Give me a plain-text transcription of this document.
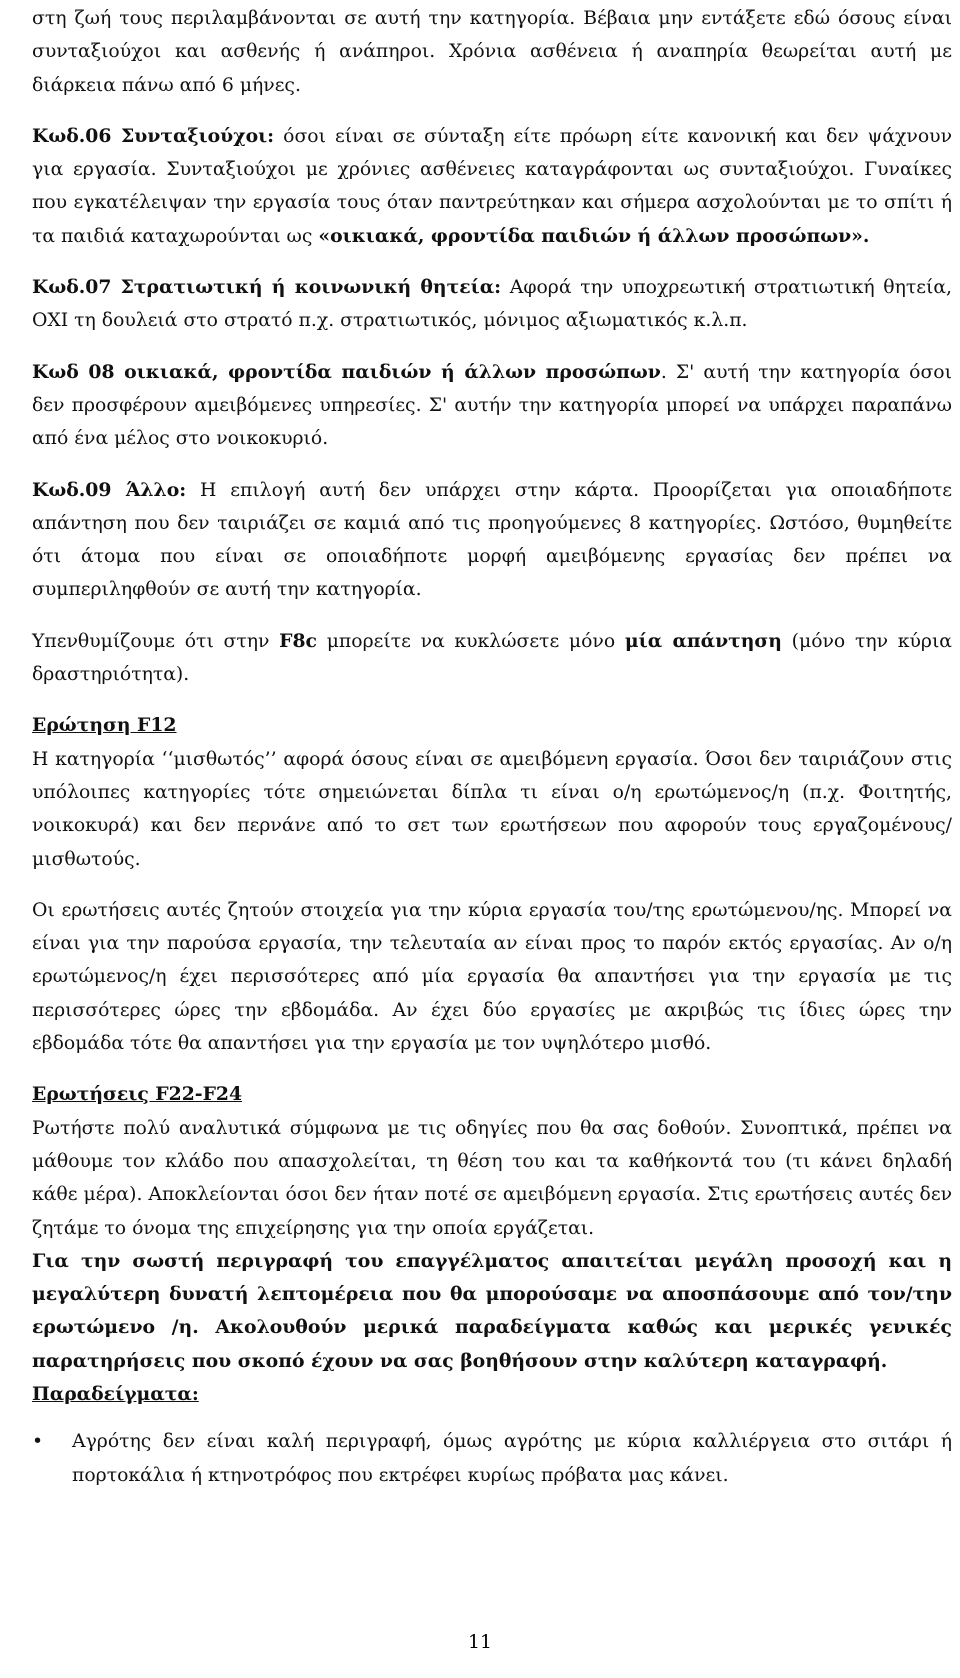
στη ζωή τους περιλαμβάνονται σε αυτή την κατηγορία. Βέβαια μην εντάξετε εδώ όσους είναι συνταξιούχοι και ασθενής ή ανάπηροι. Χρόνια ασθένεια ή αναπηρία θεωρείται αυτή με διάρκεια πάνω από 6 μήνες.

Κωδ.06 Συνταξιούχοι: όσοι είναι σε σύνταξη είτε πρόωρη είτε κανονική και δεν ψάχνουν για εργασία. Συνταξιούχοι με χρόνιες ασθένειες καταγράφονται ως συνταξιούχοι. Γυναίκες που εγκατέλειψαν την εργασία τους όταν παντρεύτηκαν και σήμερα ασχολούνται με το σπίτι ή τα παιδιά καταχωρούνται ως «οικιακά, φροντίδα παιδιών ή άλλων προσώπων».

Κωδ.07 Στρατιωτική ή κοινωνική θητεία: Αφορά την υποχρεωτική στρατιωτική θητεία, ΟΧΙ τη δουλειά στο στρατό π.χ. στρατιωτικός, μόνιμος αξιωματικός κ.λ.π.

Κωδ 08 οικιακά, φροντίδα παιδιών ή άλλων προσώπων. Σ' αυτή την κατηγορία όσοι δεν προσφέρουν αμειβόμενες υπηρεσίες. Σ' αυτήν την κατηγορία μπορεί να υπάρχει παραπάνω από ένα μέλος στο νοικοκυριό.

Κωδ.09 Άλλο: Η επιλογή αυτή δεν υπάρχει στην κάρτα. Προορίζεται για οποιαδήποτε απάντηση που δεν ταιριάζει σε καμιά από τις προηγούμενες 8 κατηγορίες. Ωστόσο, θυμηθείτε ότι άτομα που είναι σε οποιαδήποτε μορφή αμειβόμενης εργασίας δεν πρέπει να συμπεριληφθούν σε αυτή την κατηγορία.

Υπενθυμίζουμε ότι στην F8c μπορείτε να κυκλώσετε μόνο μία απάντηση (μόνο την κύρια δραστηριότητα).

Ερώτηση F12

Η κατηγορία ‘‘μισθωτός’’ αφορά όσους είναι σε αμειβόμενη εργασία. Όσοι δεν ταιριάζουν στις υπόλοιπες κατηγορίες τότε σημειώνεται δίπλα τι είναι ο/η ερωτώμενος/η (π.χ. Φοιτητής, νοικοκυρά) και δεν περνάνε από το σετ των ερωτήσεων που αφορούν τους εργαζομένους/μισθωτούς.

Οι ερωτήσεις αυτές ζητούν στοιχεία για την κύρια εργασία του/της ερωτώμενου/ης. Μπορεί να είναι για την παρούσα εργασία, την τελευταία αν είναι προς το παρόν εκτός εργασίας. Αν ο/η ερωτώμενος/η έχει περισσότερες από μία εργασία θα απαντήσει για την εργασία με τις περισσότερες ώρες την εβδομάδα. Αν έχει δύο εργασίες με ακριβώς τις ίδιες ώρες την εβδομάδα τότε θα απαντήσει για την εργασία με τον υψηλότερο μισθό.

Ερωτήσεις F22-F24

Ρωτήστε πολύ αναλυτικά σύμφωνα με τις οδηγίες που θα σας δοθούν. Συνοπτικά, πρέπει να μάθουμε τον κλάδο που απασχολείται, τη θέση του και τα καθήκοντά του (τι κάνει δηλαδή κάθε μέρα). Αποκλείονται όσοι δεν ήταν ποτέ σε αμειβόμενη εργασία. Στις ερωτήσεις αυτές δεν ζητάμε το όνομα της επιχείρησης για την οποία εργάζεται.

Για την σωστή περιγραφή του επαγγέλματος απαιτείται μεγάλη προσοχή και η μεγαλύτερη δυνατή λεπτομέρεια που θα μπορούσαμε να αποσπάσουμε από τον/την ερωτώμενο /η. Ακολουθούν μερικά παραδείγματα καθώς και μερικές γενικές παρατηρήσεις που σκοπό έχουν να σας βοηθήσουν στην καλύτερη καταγραφή.

Παραδείγματα:

•	Αγρότης δεν είναι καλή περιγραφή, όμως αγρότης με κύρια καλλιέργεια στο σιτάρι ή πορτοκάλια ή κτηνοτρόφος που εκτρέφει κυρίως πρόβατα μας κάνει.
11
